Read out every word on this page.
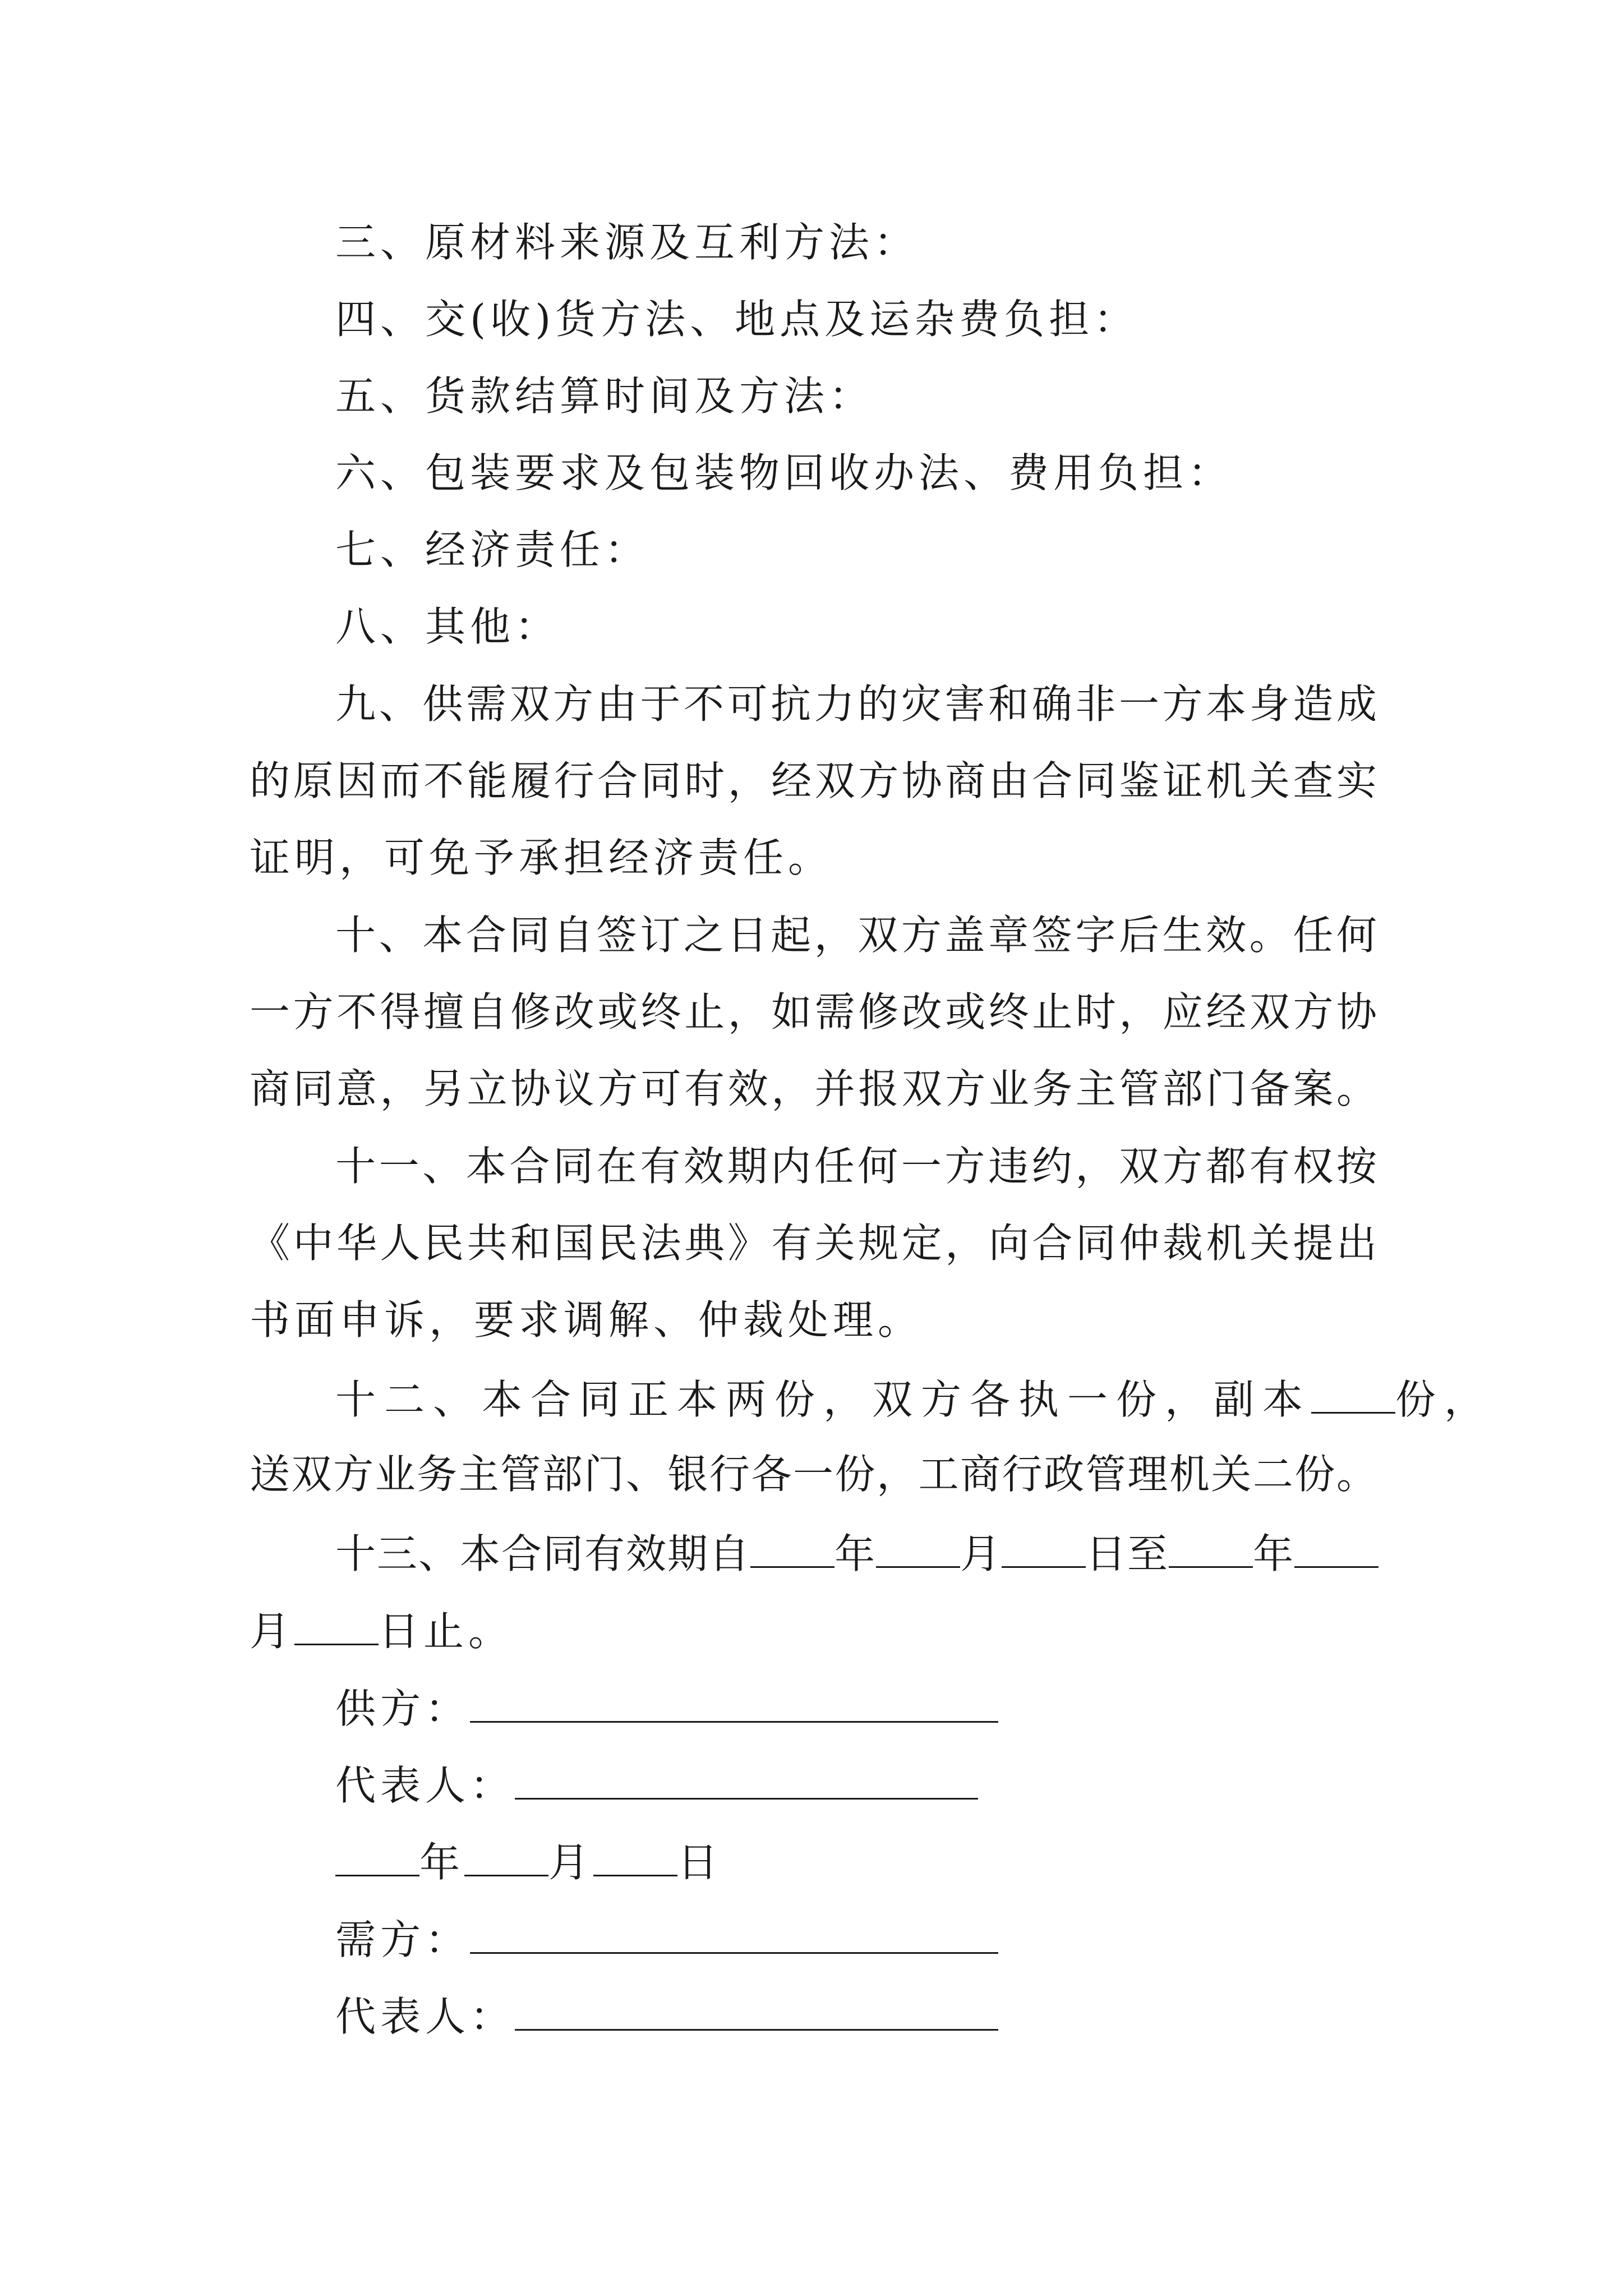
三、原材料来源及互利方法：
四、交(收)货方法、地点及运杂费负担：
五、货款结算时间及方法：
六、包装要求及包装物回收办法、费用负担：
七、经济责任：
八、其他：
九、供需双方由于不可抗力的灾害和确非一方本身造成
的原因而不能履行合同时，经双方协商由合同鉴证机关查实
证明，可免予承担经济责任。
十、本合同自签订之日起，双方盖章签字后生效。任何
一方不得擅自修改或终止，如需修改或终止时，应经双方协
商同意，另立协议方可有效，并报双方业务主管部门备案。
十一、本合同在有效期内任何一方违约，双方都有权按
《中华人民共和国民法典》有关规定，向合同仲裁机关提出
书面申诉，要求调解、仲裁处理。
十二、本合同正本两份，双方各执一份，副本 份，
送双方业务主管部门、银行各一份，工商行政管理机关二份。
十三、本合同有效期自 年 月 日至 年
月 日止。
供方：
代表人：
年 月 日
需方：
代表人：
